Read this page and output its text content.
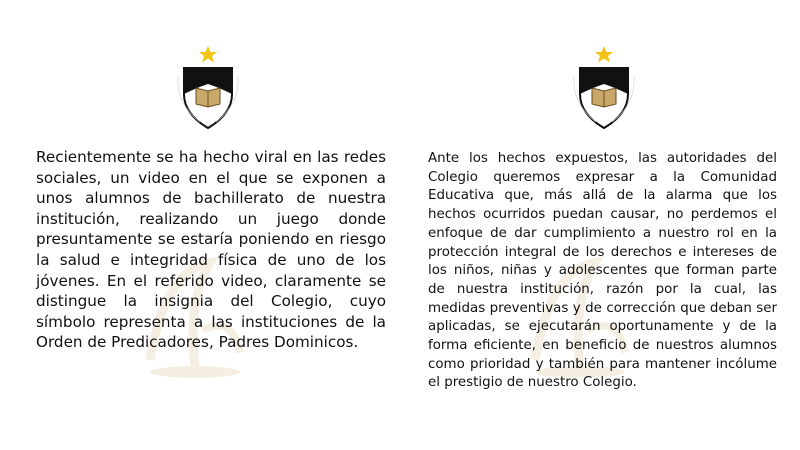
Recientemente se ha hecho viral en las redes sociales, un video en el que se exponen a unos alumnos de bachillerato de nuestra institución, realizando un juego donde presuntamente se estaría poniendo en riesgo la salud e integridad física de uno de los jóvenes. En el referido video, claramente se distingue la insignia del Colegio, cuyo símbolo representa a las instituciones de la Orden de Predicadores, Padres Dominicos.
Ante los hechos expuestos, las autoridades del Colegio queremos expresar a la Comunidad Educativa que, más allá de la alarma que los hechos ocurridos puedan causar, no perdemos el enfoque de dar cumplimiento a nuestro rol en la protección integral de los derechos e intereses de los niños, niñas y adolescentes que forman parte de nuestra institución, razón por la cual, las medidas preventivas y de corrección que deban ser aplicadas, se ejecutarán oportunamente y de la forma eficiente, en beneficio de nuestros alumnos como prioridad y también para mantener incólume el prestigio de nuestro Colegio.
